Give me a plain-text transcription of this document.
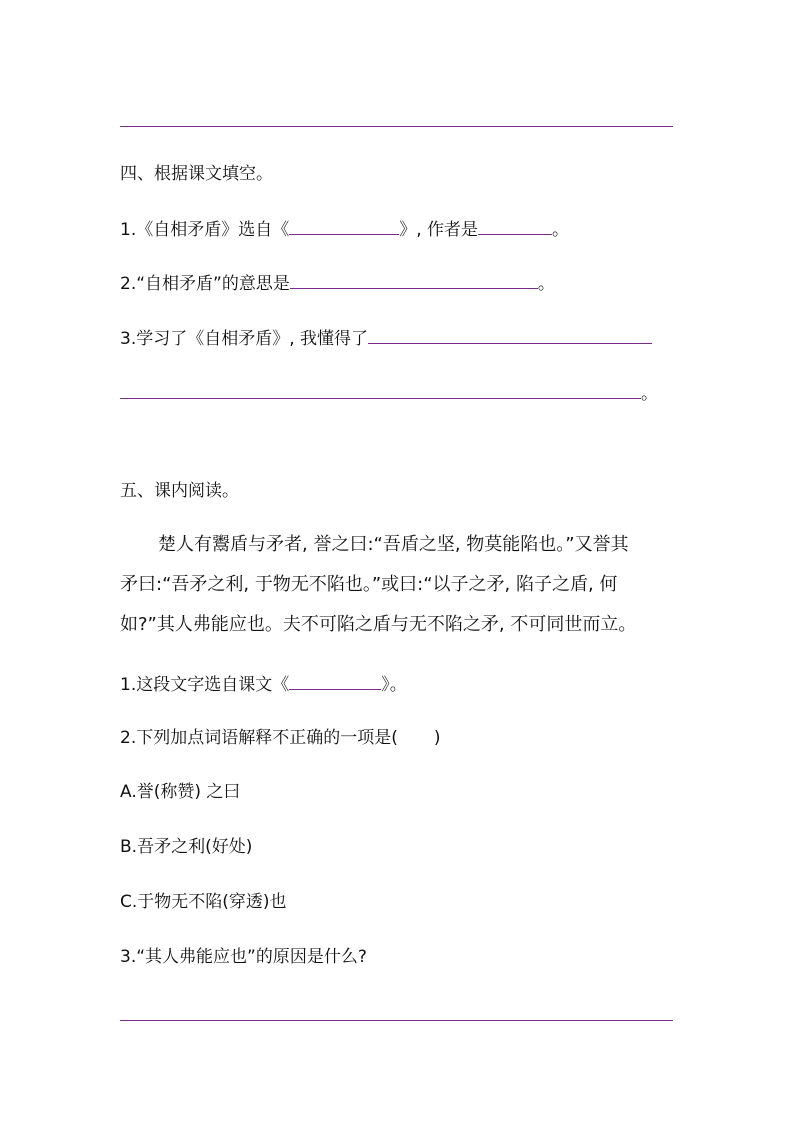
四、根据课文填空。
1.《自相矛盾》选自《	》, 作者是	。
2.“自相矛盾”的意思是	。
3.学习了《自相矛盾》, 我懂得了
。
五、课内阅读。
楚人有鬻盾与矛者, 誉之曰:“吾盾之坚, 物莫能陷也。”又誉其
矛曰:“吾矛之利, 于物无不陷也。”或曰:“以子之矛, 陷子之盾, 何
如?”其人弗能应也。夫不可陷之盾与无不陷之矛, 不可同世而立。
1.这段文字选自课文《	》。
2.下列加点词语解释不正确的一项是( )
A.誉(称赞) 之曰
B.吾矛之利(好处)
C.于物无不陷(穿透)也
3.“其人弗能应也”的原因是什么?
